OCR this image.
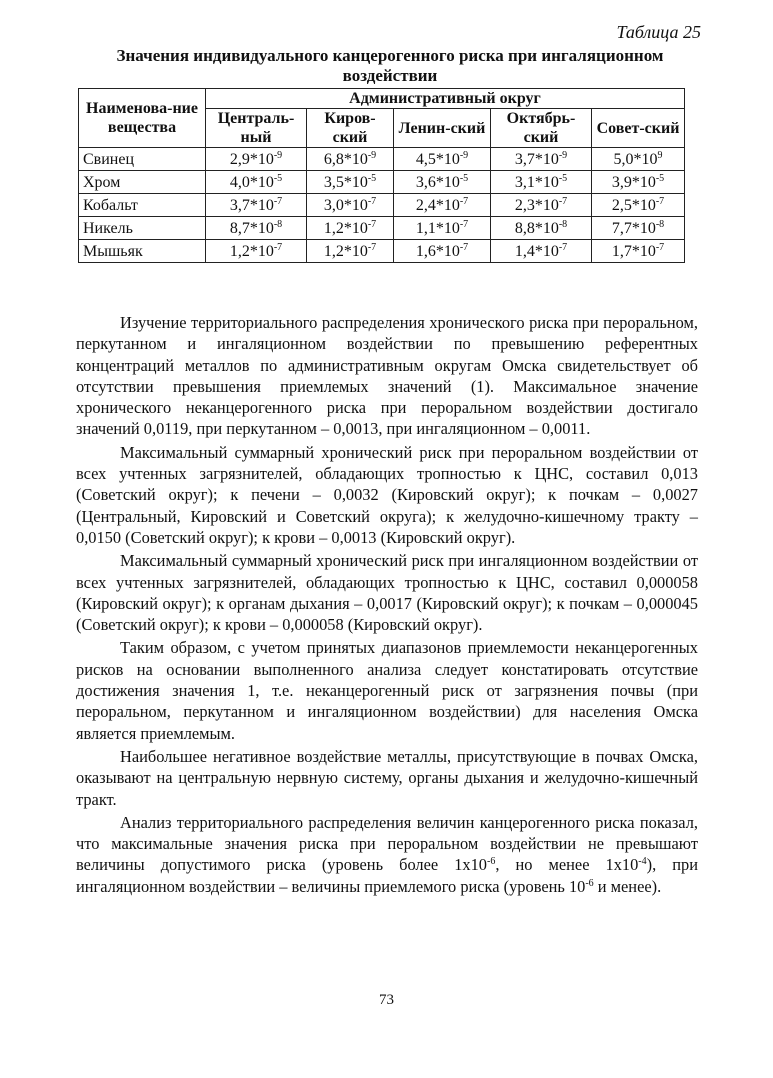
Таблица 25
Значения индивидуального канцерогенного риска при ингаляционном воздействии
Наименова-ние вещества	Административный округ				
	Централь-ный	Киров-ский	Ленин-ский	Октябрь-ский	Совет-ский
Свинец	$2,9*10^{-9}$	$6,8*10^{-9}$	$4,5*10^{-9}$	$3,7*10^{-9}$	$5,0*10^9$
Хром	$4,0*10^{-5}$	$3,5*10^{-5}$	$3,6*10^{-5}$	$3,1*10^{-5}$	$3,9*10^{-5}$
Кобальт	$3,7*10^{-7}$	$3,0*10^{-7}$	$2,4*10^{-7}$	$2,3*10^{-7}$	$2,5*10^{-7}$
Никель	$8,7*10^{-8}$	$1,2*10^{-7}$	$1,1*10^{-7}$	$8,8*10^{-8}$	$7,7*10^{-8}$
Мышьяк	$1,2*10^{-7}$	$1,2*10^{-7}$	$1,6*10^{-7}$	$1,4*10^{-7}$	$1,7*10^{-7}$

Изучение территориального распределения хронического риска при пероральном, перкутанном и ингаляционном воздействии по превышению референтных концентраций металлов по административным округам Омска свидетельствует об отсутствии превышения приемлемых значений (1). Максимальное значение хронического неканцерогенного риска при пероральном воздействии достигало значений 0,0119, при перкутанном – 0,0013, при ингаляционном – 0,0011.

Максимальный суммарный хронический риск при пероральном воздействии от всех учтенных загрязнителей, обладающих тропностью к ЦНС, составил 0,013 (Советский округ); к печени – 0,0032 (Кировский округ); к почкам – 0,0027 (Центральный, Кировский и Советский округа); к желудочно-кишечному тракту – 0,0150 (Советский округ); к крови – 0,0013 (Кировский округ).

Максимальный суммарный хронический риск при ингаляционном воздействии от всех учтенных загрязнителей, обладающих тропностью к ЦНС, составил 0,000058 (Кировский округ); к органам дыхания – 0,0017 (Кировский округ); к почкам – 0,000045 (Советский округ); к крови – 0,000058 (Кировский округ).

Таким образом, с учетом принятых диапазонов приемлемости неканцерогенных рисков на основании выполненного анализа следует констатировать отсутствие достижения значения 1, т.е. неканцерогенный риск от загрязнения почвы (при пероральном, перкутанном и ингаляционном воздействии) для населения Омска является приемлемым.

Наибольшее негативное воздействие металлы, присутствующие в почвах Омска, оказывают на центральную нервную систему, органы дыхания и желудочно-кишечный тракт.

Анализ территориального распределения величин канцерогенного риска показал, что максимальные значения риска при пероральном воздействии не превышают величины допустимого риска (уровень более $1x10^{-6}$, но менее $1x10^{-4}$), при ингаляционном воздействии – величины приемлемого риска (уровень $10^{-6}$ и менее).

73
